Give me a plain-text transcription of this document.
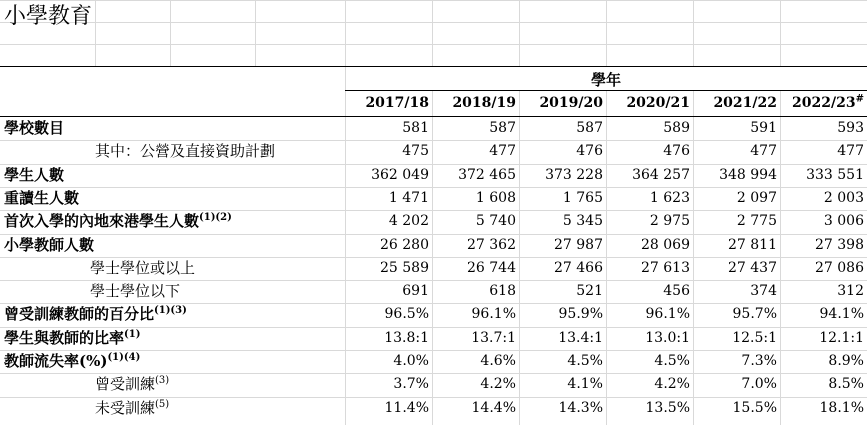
小學教育
學年
2017/18	2018/19	2019/20	2020/21	2021/22	2022/23#
學校數目	581	587	587	589	591	593
其中：公營及直接資助計劃	475	477	476	476	477	477
學生人數	362 049	372 465	373 228	364 257	348 994	333 551
重讀生人數	1 471	1 608	1 765	1 623	2 097	2 003
首次入學的內地來港學生人數$^{(1)(2)}$	4 202	5 740	5 345	2 975	2 775	3 006
小學教師人數	26 280	27 362	27 987	28 069	27 811	27 398
學士學位或以上	25 589	26 744	27 466	27 613	27 437	27 086
學士學位以下	691	618	521	456	374	312
曾受訓練教師的百分比$^{(1)(3)}$	96.5%	96.1%	95.9%	96.1%	95.7%	94.1%
學生與教師的比率$^{(1)}$	13.8:1	13.7:1	13.4:1	13.0:1	12.5:1	12.1:1
教師流失率(%)$^{(1)(4)}$	4.0%	4.6%	4.5%	4.5%	7.3%	8.9%
曾受訓練$^{(3)}$	3.7%	4.2%	4.1%	4.2%	7.0%	8.5%
未受訓練$^{(5)}$	11.4%	14.4%	14.3%	13.5%	15.5%	18.1%
